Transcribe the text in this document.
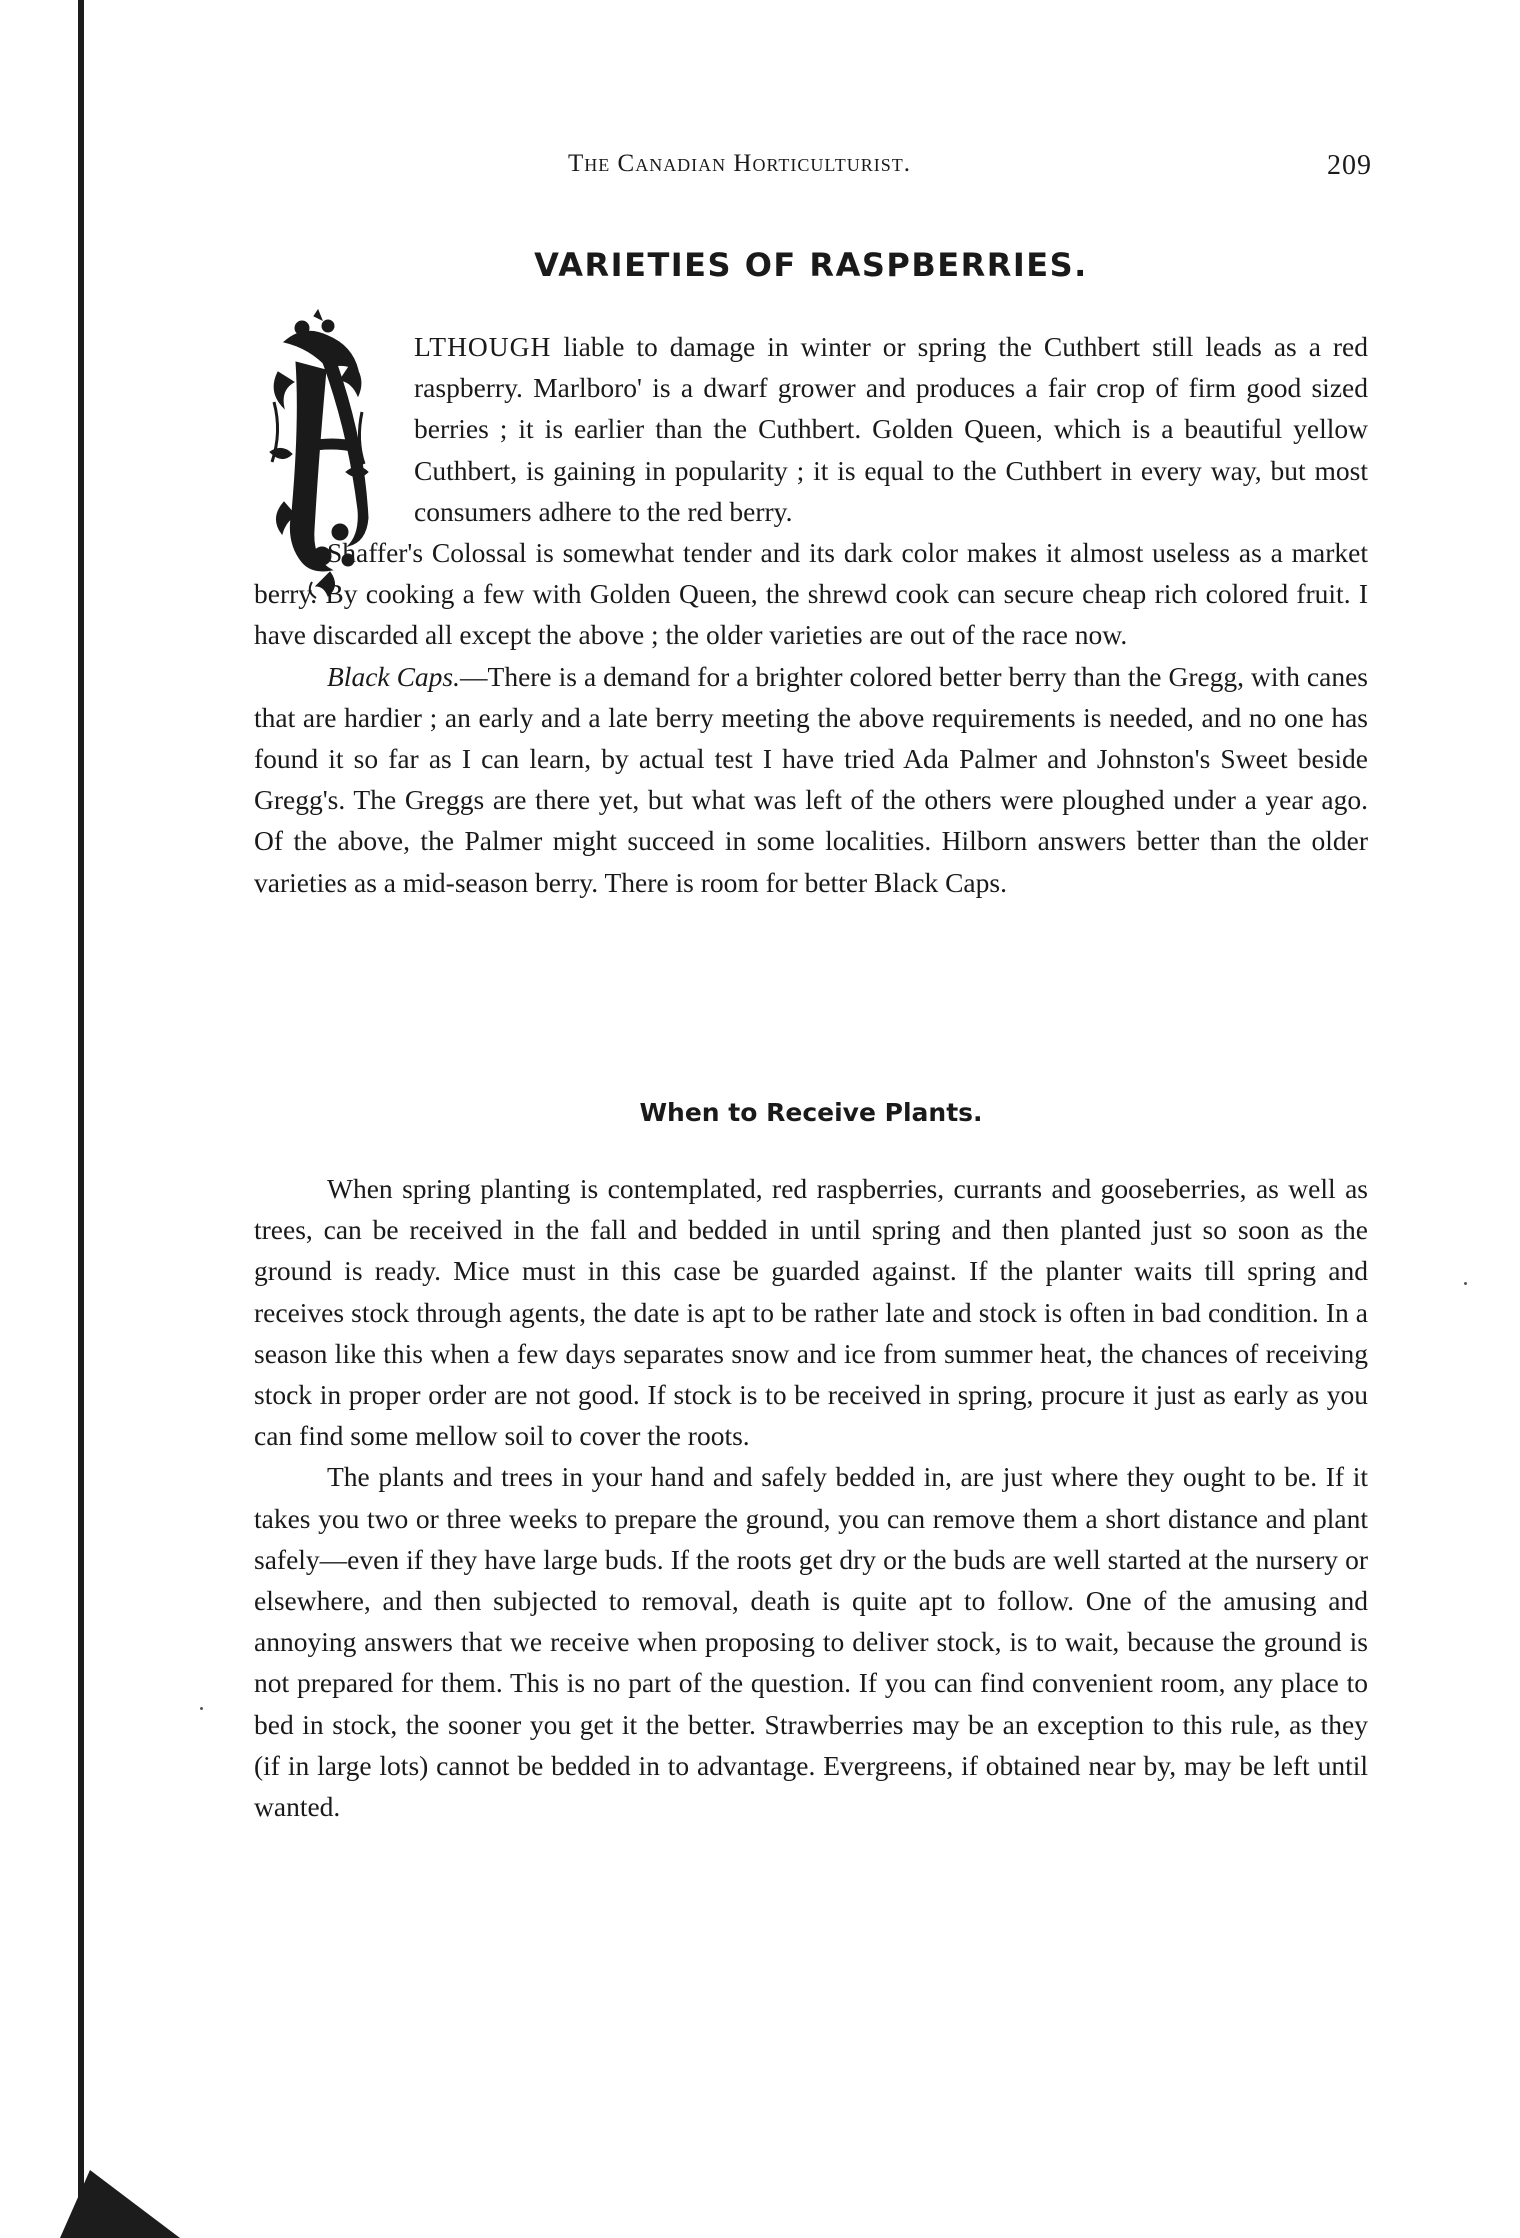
The Canadian Horticulturist.	209
VARIETIES OF RASPBERRIES.

LTHOUGH liable to damage in winter or spring the Cuthbert still leads as a red raspberry. Marlboro' is a dwarf grower and produces a fair crop of firm good sized berries ; it is earlier than the Cuthbert. Golden Queen, which is a beautiful yellow Cuthbert, is gaining in popularity ; it is equal to the Cuthbert in every way, but most consumers adhere to the red berry.

Shaffer's Colossal is somewhat tender and its dark color makes it almost useless as a market berry. By cooking a few with Golden Queen, the shrewd cook can secure cheap rich colored fruit. I have discarded all except the above ; the older varieties are out of the race now.

Black Caps.—There is a demand for a brighter colored better berry than the Gregg, with canes that are hardier ; an early and a late berry meeting the above requirements is needed, and no one has found it so far as I can learn, by actual test I have tried Ada Palmer and Johnston's Sweet beside Gregg's. The Greggs are there yet, but what was left of the others were ploughed under a year ago. Of the above, the Palmer might succeed in some localities. Hilborn answers better than the older varieties as a mid-season berry. There is room for better Black Caps.

When to Receive Plants.

When spring planting is contemplated, red raspberries, currants and gooseberries, as well as trees, can be received in the fall and bedded in until spring and then planted just so soon as the ground is ready. Mice must in this case be guarded against. If the planter waits till spring and receives stock through agents, the date is apt to be rather late and stock is often in bad condition. In a season like this when a few days separates snow and ice from summer heat, the chances of receiving stock in proper order are not good. If stock is to be received in spring, procure it just as early as you can find some mellow soil to cover the roots.

The plants and trees in your hand and safely bedded in, are just where they ought to be. If it takes you two or three weeks to prepare the ground, you can remove them a short distance and plant safely—even if they have large buds. If the roots get dry or the buds are well started at the nursery or elsewhere, and then subjected to removal, death is quite apt to follow. One of the amusing and annoying answers that we receive when proposing to deliver stock, is to wait, because the ground is not prepared for them. This is no part of the question. If you can find convenient room, any place to bed in stock, the sooner you get it the better. Strawberries may be an exception to this rule, as they (if in large lots) cannot be bedded in to advantage. Evergreens, if obtained near by, may be left until wanted.
